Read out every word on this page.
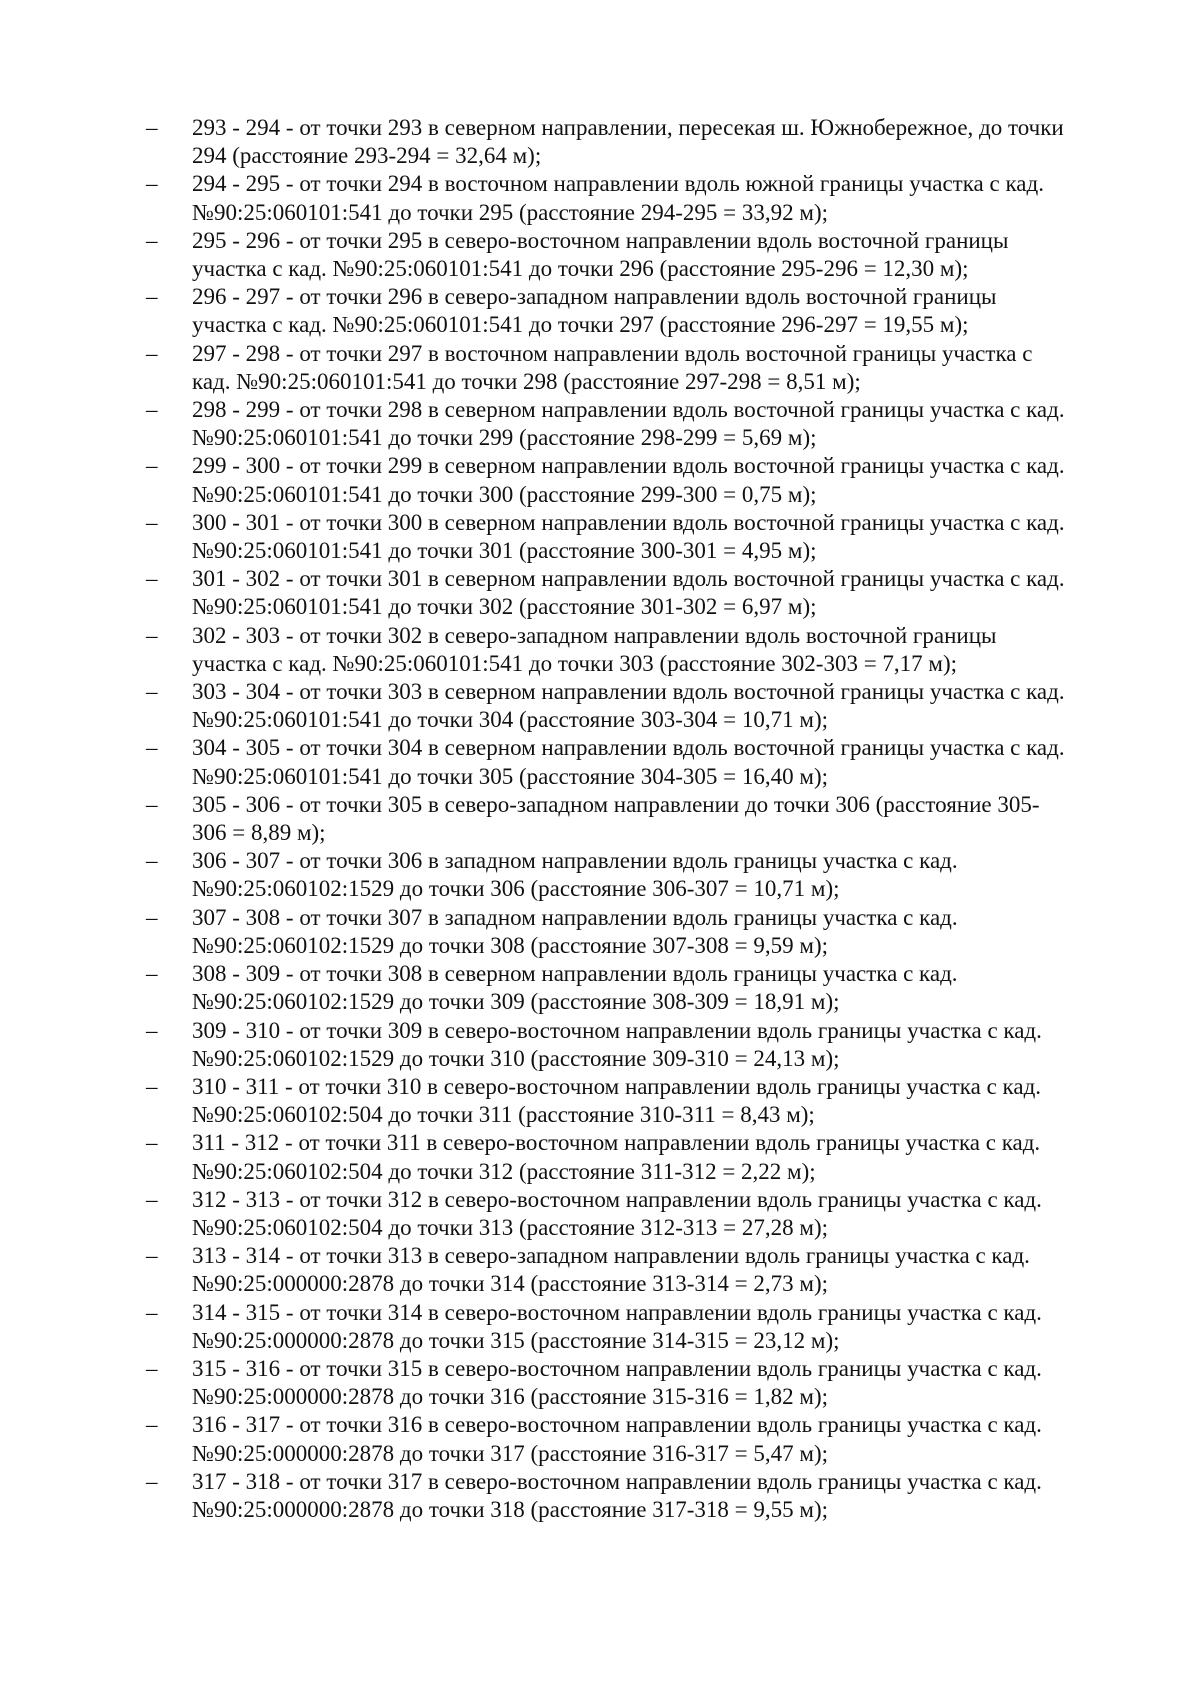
–	293 - 294 - от точки 293 в северном направлении, пересекая ш. Южнобережное, до точки
294 (расстояние 293-294 = 32,64 м);
–	294 - 295 - от точки 294 в восточном направлении вдоль южной границы участка с кад.
№90:25:060101:541 до точки 295 (расстояние 294-295 = 33,92 м);
–	295 - 296 - от точки 295 в северо-восточном направлении вдоль восточной границы
участка с кад. №90:25:060101:541 до точки 296 (расстояние 295-296 = 12,30 м);
–	296 - 297 - от точки 296 в северо-западном направлении вдоль восточной границы
участка с кад. №90:25:060101:541 до точки 297 (расстояние 296-297 = 19,55 м);
–	297 - 298 - от точки 297 в восточном направлении вдоль восточной границы участка с
кад. №90:25:060101:541 до точки 298 (расстояние 297-298 = 8,51 м);
–	298 - 299 - от точки 298 в северном направлении вдоль восточной границы участка с кад.
№90:25:060101:541 до точки 299 (расстояние 298-299 = 5,69 м);
–	299 - 300 - от точки 299 в северном направлении вдоль восточной границы участка с кад.
№90:25:060101:541 до точки 300 (расстояние 299-300 = 0,75 м);
–	300 - 301 - от точки 300 в северном направлении вдоль восточной границы участка с кад.
№90:25:060101:541 до точки 301 (расстояние 300-301 = 4,95 м);
–	301 - 302 - от точки 301 в северном направлении вдоль восточной границы участка с кад.
№90:25:060101:541 до точки 302 (расстояние 301-302 = 6,97 м);
–	302 - 303 - от точки 302 в северо-западном направлении вдоль восточной границы
участка с кад. №90:25:060101:541 до точки 303 (расстояние 302-303 = 7,17 м);
–	303 - 304 - от точки 303 в северном направлении вдоль восточной границы участка с кад.
№90:25:060101:541 до точки 304 (расстояние 303-304 = 10,71 м);
–	304 - 305 - от точки 304 в северном направлении вдоль восточной границы участка с кад.
№90:25:060101:541 до точки 305 (расстояние 304-305 = 16,40 м);
–	305 - 306 - от точки 305 в северо-западном направлении до точки 306 (расстояние 305-
306 = 8,89 м);
–	306 - 307 - от точки 306 в западном направлении вдоль границы участка с кад.
№90:25:060102:1529 до точки 306 (расстояние 306-307 = 10,71 м);
–	307 - 308 - от точки 307 в западном направлении вдоль границы участка с кад.
№90:25:060102:1529 до точки 308 (расстояние 307-308 = 9,59 м);
–	308 - 309 - от точки 308 в северном направлении вдоль границы участка с кад.
№90:25:060102:1529 до точки 309 (расстояние 308-309 = 18,91 м);
–	309 - 310 - от точки 309 в северо-восточном направлении вдоль границы участка с кад.
№90:25:060102:1529 до точки 310 (расстояние 309-310 = 24,13 м);
–	310 - 311 - от точки 310 в северо-восточном направлении вдоль границы участка с кад.
№90:25:060102:504 до точки 311 (расстояние 310-311 = 8,43 м);
–	311 - 312 - от точки 311 в северо-восточном направлении вдоль границы участка с кад.
№90:25:060102:504 до точки 312 (расстояние 311-312 = 2,22 м);
–	312 - 313 - от точки 312 в северо-восточном направлении вдоль границы участка с кад.
№90:25:060102:504 до точки 313 (расстояние 312-313 = 27,28 м);
–	313 - 314 - от точки 313 в северо-западном направлении вдоль границы участка с кад.
№90:25:000000:2878 до точки 314 (расстояние 313-314 = 2,73 м);
–	314 - 315 - от точки 314 в северо-восточном направлении вдоль границы участка с кад.
№90:25:000000:2878 до точки 315 (расстояние 314-315 = 23,12 м);
–	315 - 316 - от точки 315 в северо-восточном направлении вдоль границы участка с кад.
№90:25:000000:2878 до точки 316 (расстояние 315-316 = 1,82 м);
–	316 - 317 - от точки 316 в северо-восточном направлении вдоль границы участка с кад.
№90:25:000000:2878 до точки 317 (расстояние 316-317 = 5,47 м);
–	317 - 318 - от точки 317 в северо-восточном направлении вдоль границы участка с кад.
№90:25:000000:2878 до точки 318 (расстояние 317-318 = 9,55 м);
